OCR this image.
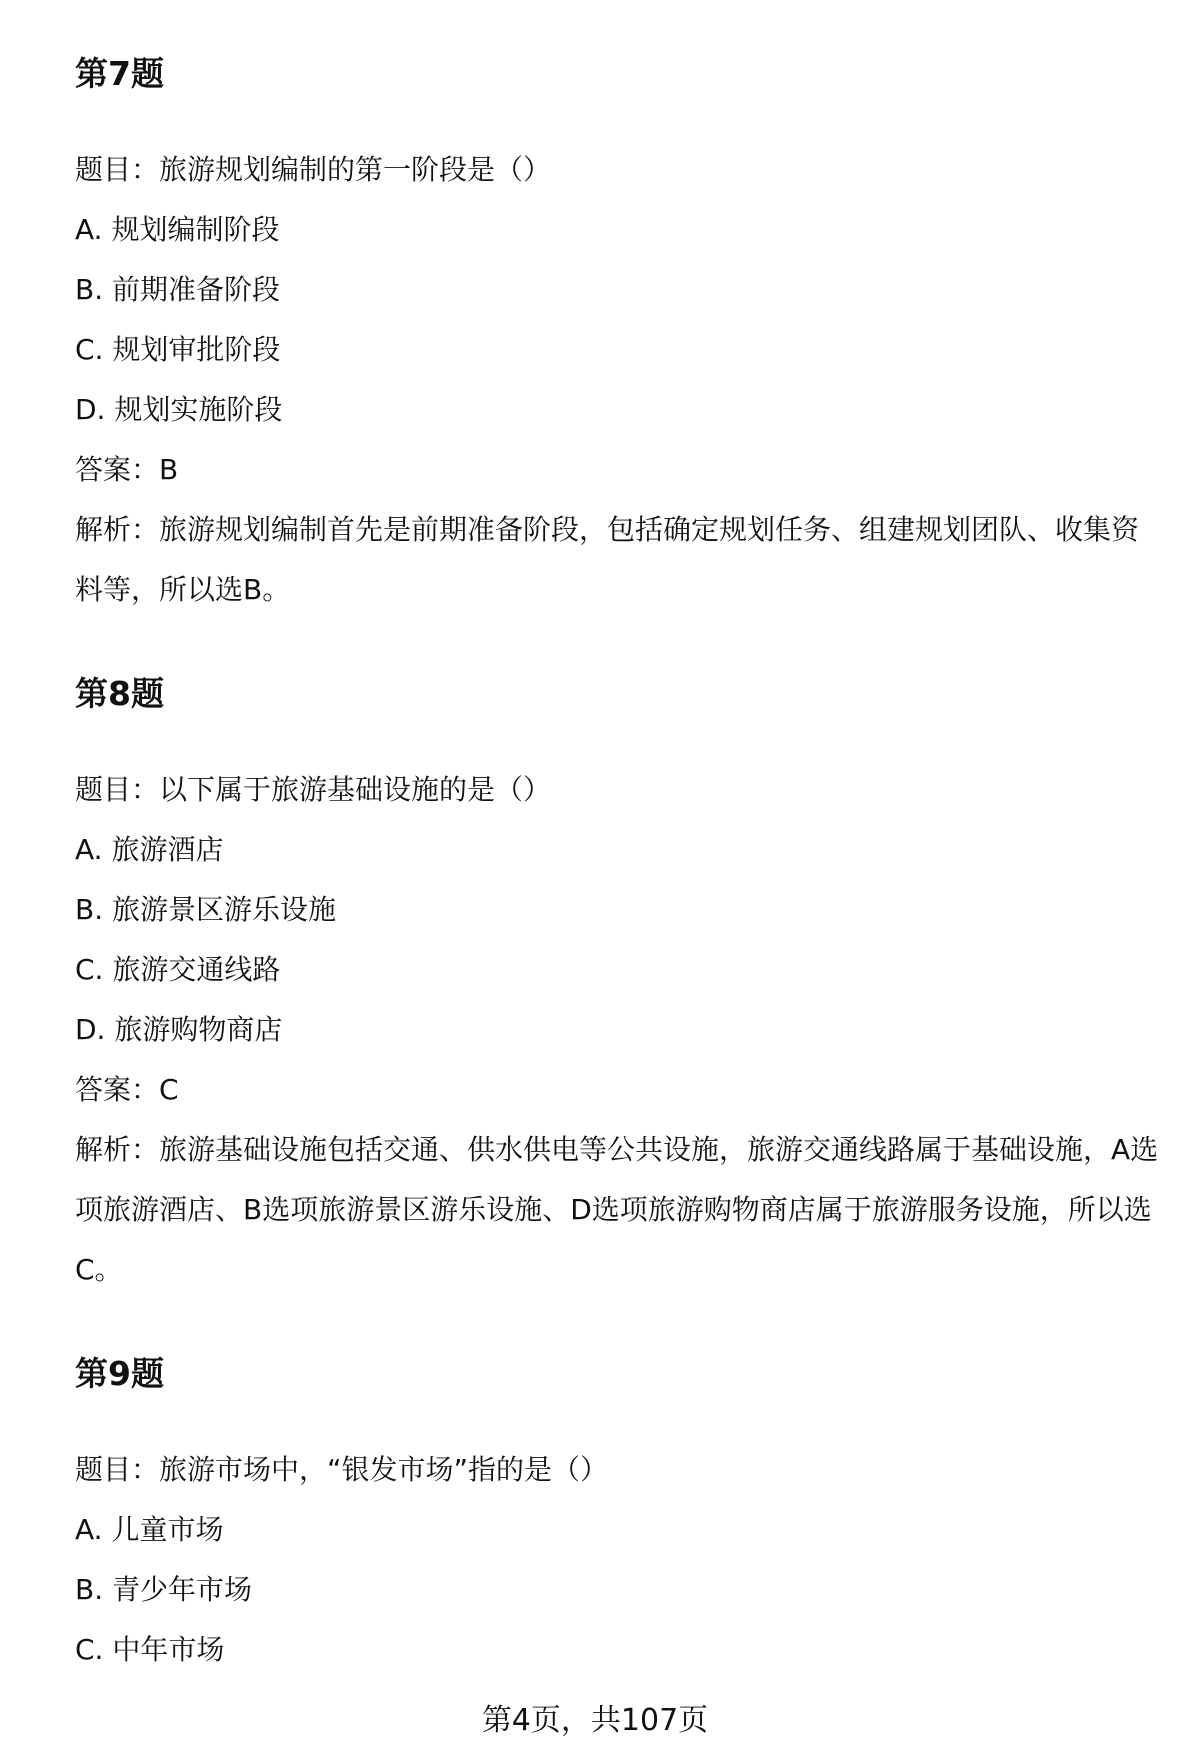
第7题
题目：旅游规划编制的第一阶段是（）
A. 规划编制阶段
B. 前期准备阶段
C. 规划审批阶段
D. 规划实施阶段
答案：B
解析：旅游规划编制首先是前期准备阶段，包括确定规划任务、组建规划团队、收集资料等，所以选B。
第8题
题目：以下属于旅游基础设施的是（）
A. 旅游酒店
B. 旅游景区游乐设施
C. 旅游交通线路
D. 旅游购物商店
答案：C
解析：旅游基础设施包括交通、供水供电等公共设施，旅游交通线路属于基础设施，A选项旅游酒店、B选项旅游景区游乐设施、D选项旅游购物商店属于旅游服务设施，所以选C。
第9题
题目：旅游市场中，“银发市场”指的是（）
A. 儿童市场
B. 青少年市场
C. 中年市场
第4页，共107页
